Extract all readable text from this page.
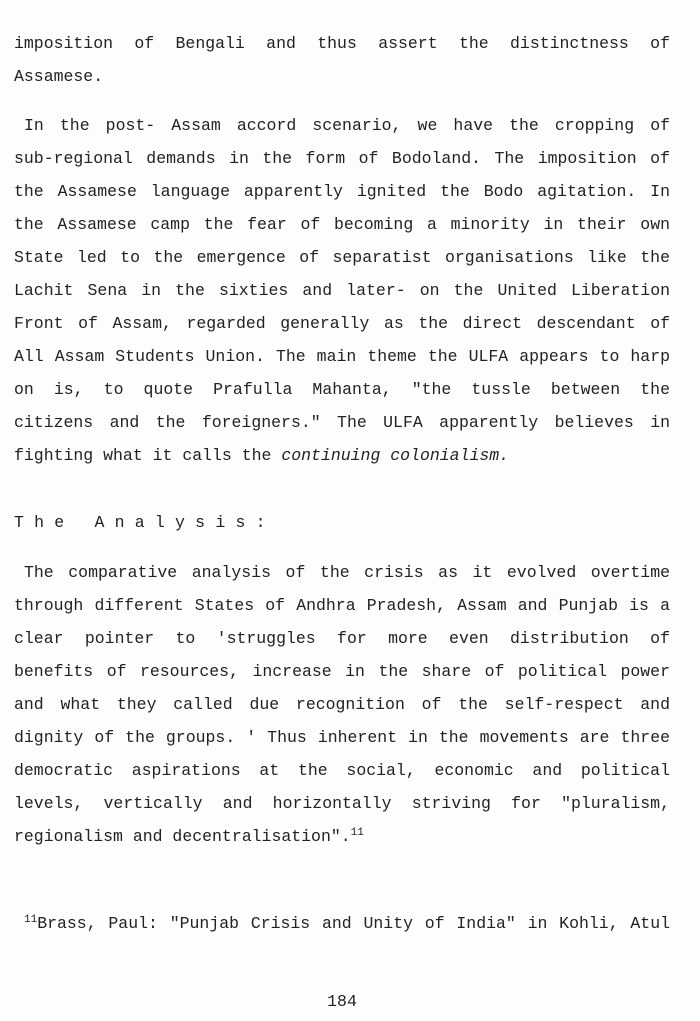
imposition of Bengali and thus assert the distinctness of
Assamese.
In the post- Assam accord scenario, we have the cropping of
sub-regional demands in the form of Bodoland. The imposition of
the Assamese language apparently ignited the Bodo agitation. In
the Assamese camp the fear of becoming a minority in their own
State led to the emergence of separatist organisations like the
Lachit Sena in the sixties and later- on the United Liberation
Front of Assam, regarded generally as the direct descendant of
All Assam Students Union. The main theme the ULFA appears to harp
on is, to quote Prafulla Mahanta, "the tussle between the
citizens and the foreigners." The ULFA apparently believes in
fighting what it calls the continuing colonialism.
The Analysis:
The comparative analysis of the crisis as it evolved overtime
through different States of Andhra Pradesh, Assam and Punjab is a
clear pointer to 'struggles for more even distribution of
benefits of resources, increase in the share of political power
and what they called due recognition of the self-respect and
dignity of the groups. ' Thus inherent in the movements are three
democratic aspirations at the social, economic and political
levels, vertically and horizontally striving for "pluralism,
regionalism and decentralisation".$^{11}$
$^{11}$Brass, Paul: "Punjab Crisis and Unity of India" in Kohli, Atul
184
